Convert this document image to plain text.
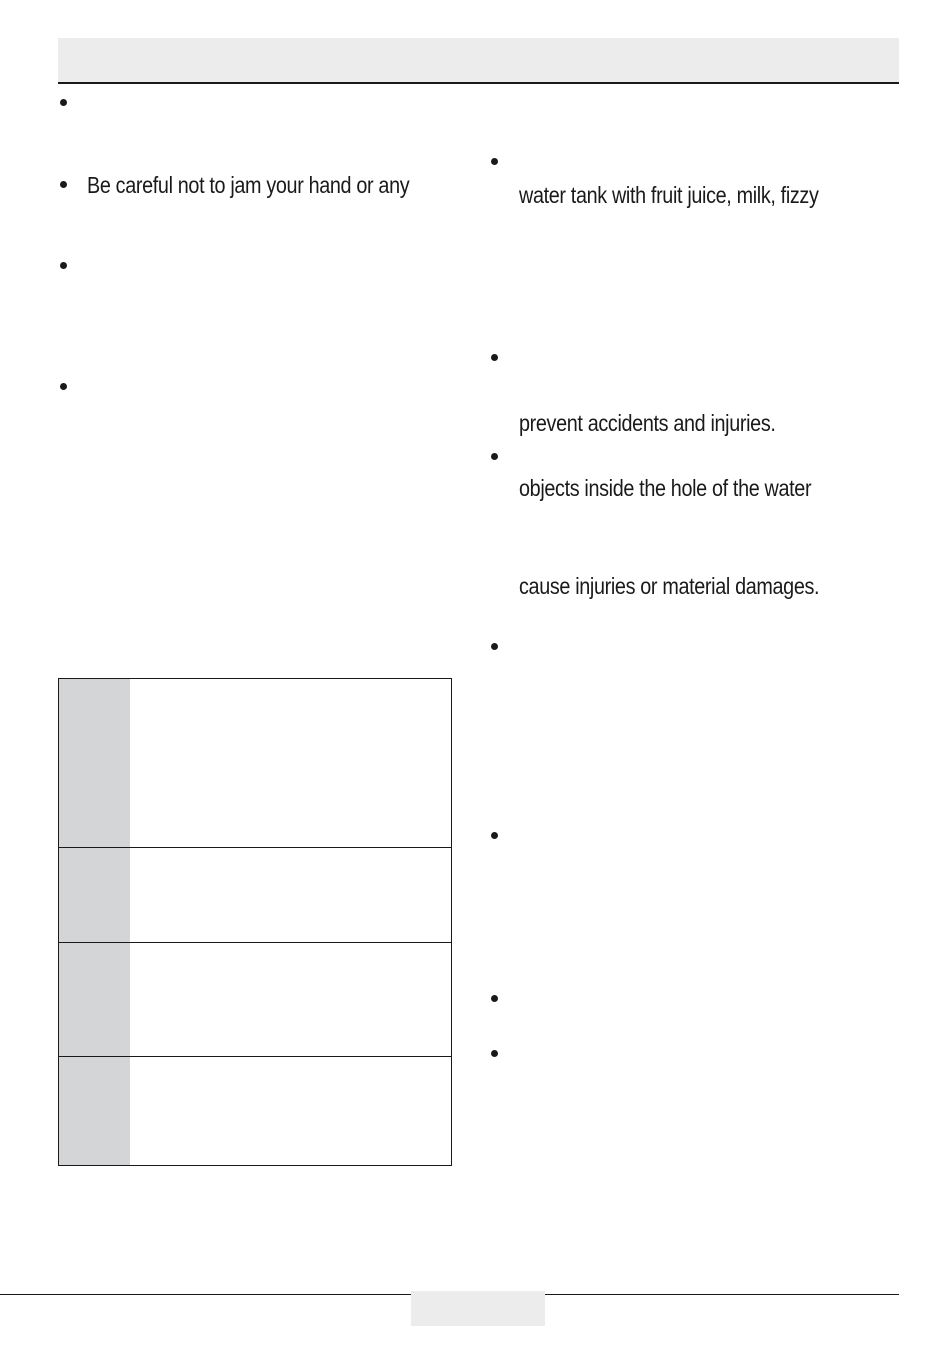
Be careful not to jam your hand or any	water tank with fruit juice, milk, fizzy
prevent accidents and injuries.
objects inside the hole of the water
cause injuries or material damages.
